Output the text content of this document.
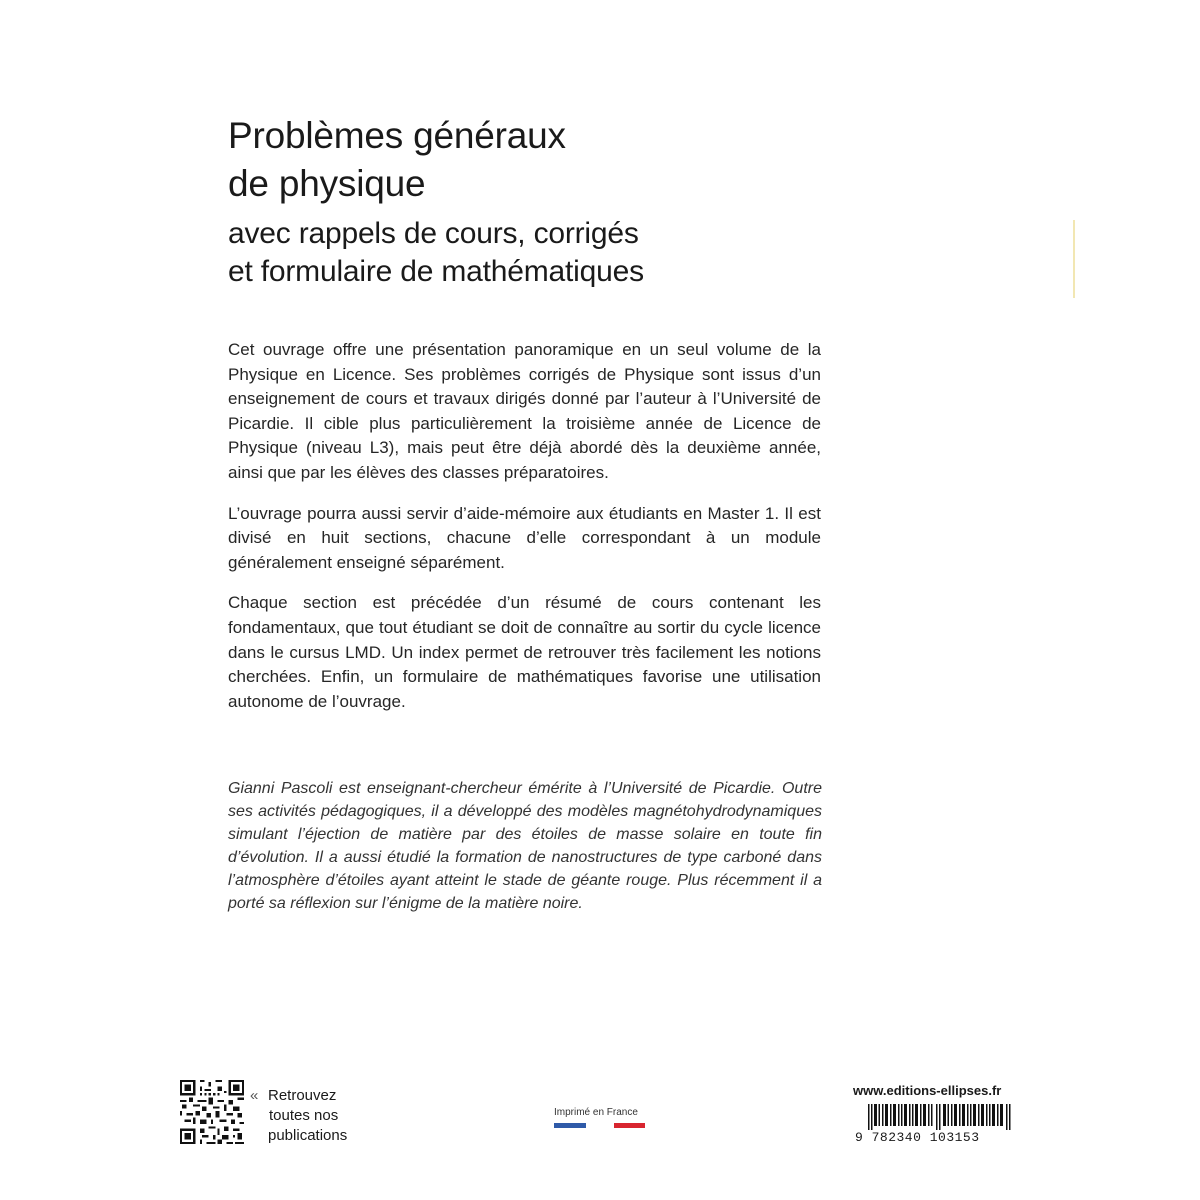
Problèmes généraux
de physique
avec rappels de cours, corrigés
et formulaire de mathématiques

Cet ouvrage offre une présentation panoramique en un seul volume de la Physique en Licence. Ses problèmes corrigés de Physique sont issus d’un enseignement de cours et travaux dirigés donné par l’auteur à l’Université de Picardie. Il cible plus particulièrement la troisième année de Licence de Physique (niveau L3), mais peut être déjà abordé dès la deuxième année, ainsi que par les élèves des classes préparatoires.

L’ouvrage pourra aussi servir d’aide-mémoire aux étudiants en Master 1. Il est divisé en huit sections, chacune d’elle correspondant à un module généralement enseigné séparément.

Chaque section est précédée d’un résumé de cours contenant les fondamentaux, que tout étudiant se doit de connaître au sortir du cycle licence dans le cursus LMD. Un index permet de retrouver très facilement les notions cherchées. Enfin, un formulaire de mathématiques favorise une utilisation autonome de l’ouvrage.

Gianni Pascoli est enseignant-chercheur émérite à l’Université de Picardie. Outre ses activités pédagogiques, il a développé des modèles magnétohydrodynamiques simulant l’éjection de matière par des étoiles de masse solaire en toute fin d’évolution. Il a aussi étudié la formation de nanostructures de type carboné dans l’atmosphère d’étoiles ayant atteint le stade de géante rouge. Plus récemment il a porté sa réflexion sur l’énigme de la matière noire.

« Retrouvez
toutes nos
publications
Imprimé en France
www.editions-ellipses.fr
9 782340 103153
